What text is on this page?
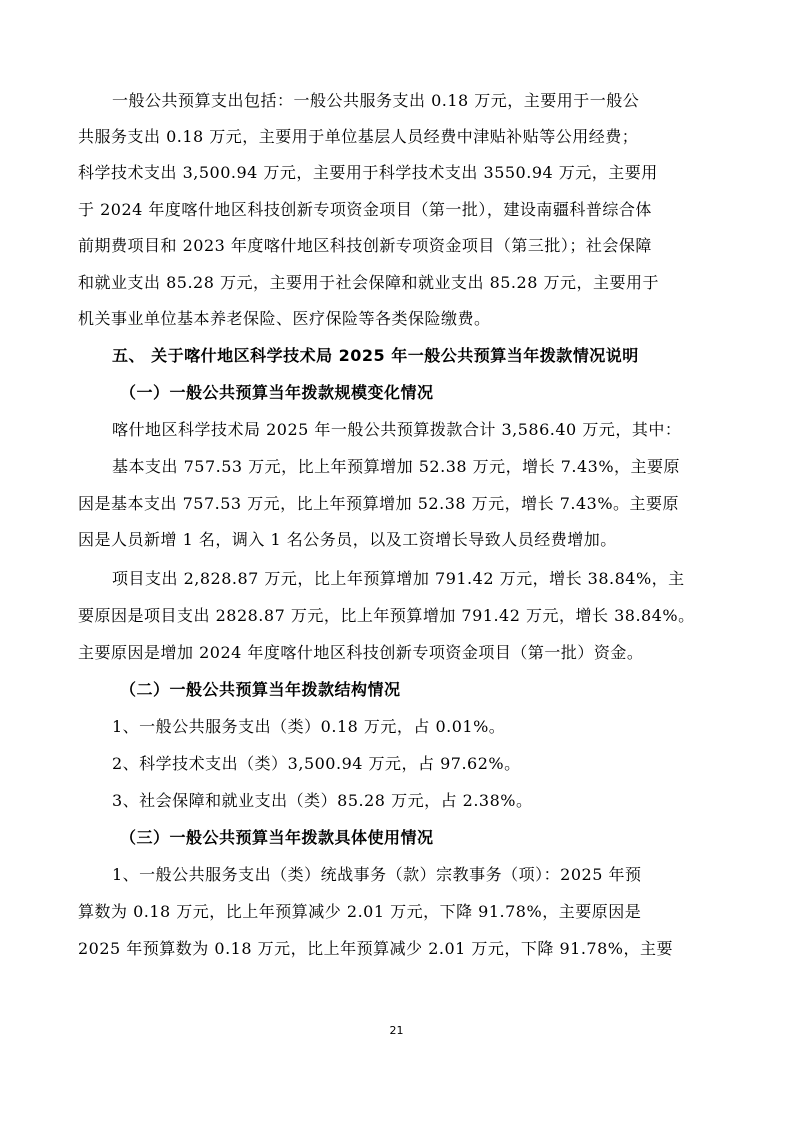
一般公共预算支出包括：一般公共服务支出 0.18 万元，主要用于一般公
共服务支出 0.18 万元，主要用于单位基层人员经费中津贴补贴等公用经费；
科学技术支出 3,500.94 万元，主要用于科学技术支出 3550.94 万元，主要用
于 2024 年度喀什地区科技创新专项资金项目（第一批），建设南疆科普综合体
前期费项目和 2023 年度喀什地区科技创新专项资金项目（第三批）；社会保障
和就业支出 85.28 万元，主要用于社会保障和就业支出 85.28 万元，主要用于
机关事业单位基本养老保险、医疗保险等各类保险缴费。
五、 关于喀什地区科学技术局 2025 年一般公共预算当年拨款情况说明
（一）一般公共预算当年拨款规模变化情况
喀什地区科学技术局 2025 年一般公共预算拨款合计 3,586.40 万元，其中：
基本支出 757.53 万元，比上年预算增加 52.38 万元，增长 7.43%，主要原
因是基本支出 757.53 万元，比上年预算增加 52.38 万元，增长 7.43%。主要原
因是人员新增 1 名，调入 1 名公务员，以及工资增长导致人员经费增加。
项目支出 2,828.87 万元，比上年预算增加 791.42 万元，增长 38.84%，主
要原因是项目支出 2828.87 万元，比上年预算增加 791.42 万元，增长 38.84%。
主要原因是增加 2024 年度喀什地区科技创新专项资金项目（第一批）资金。
（二）一般公共预算当年拨款结构情况
1、一般公共服务支出（类）0.18 万元，占 0.01%。
2、科学技术支出（类）3,500.94 万元，占 97.62%。
3、社会保障和就业支出（类）85.28 万元，占 2.38%。
（三）一般公共预算当年拨款具体使用情况
1、一般公共服务支出（类）统战事务（款）宗教事务（项）：2025 年预
算数为 0.18 万元，比上年预算减少 2.01 万元，下降 91.78%，主要原因是
2025 年预算数为 0.18 万元，比上年预算减少 2.01 万元，下降 91.78%，主要
21
